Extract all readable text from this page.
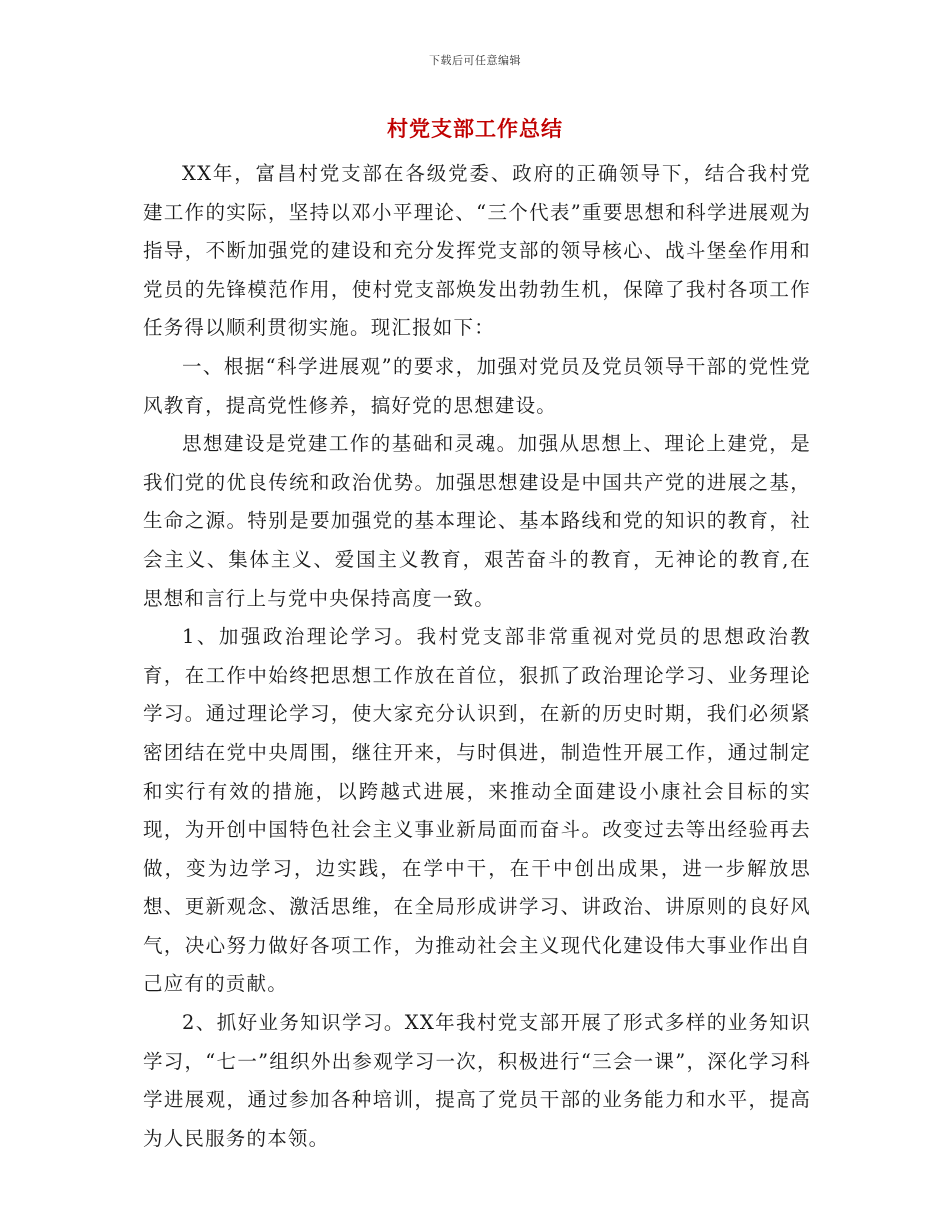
下载后可任意编辑
村党支部工作总结

XX年，富昌村党支部在各级党委、政府的正确领导下，结合我村党建工作的实际，坚持以邓小平理论、“三个代表”重要思想和科学进展观为指导，不断加强党的建设和充分发挥党支部的领导核心、战斗堡垒作用和党员的先锋模范作用，使村党支部焕发出勃勃生机，保障了我村各项工作任务得以顺利贯彻实施。现汇报如下：

一、根据“科学进展观”的要求，加强对党员及党员领导干部的党性党风教育，提高党性修养，搞好党的思想建设。

思想建设是党建工作的基础和灵魂。加强从思想上、理论上建党，是我们党的优良传统和政治优势。加强思想建设是中国共产党的进展之基，生命之源。特别是要加强党的基本理论、基本路线和党的知识的教育，社会主义、集体主义、爱国主义教育，艰苦奋斗的教育，无神论的教育,在思想和言行上与党中央保持高度一致。

1、加强政治理论学习。我村党支部非常重视对党员的思想政治教育，在工作中始终把思想工作放在首位，狠抓了政治理论学习、业务理论学习。通过理论学习，使大家充分认识到，在新的历史时期，我们必须紧密团结在党中央周围，继往开来，与时俱进，制造性开展工作，通过制定和实行有效的措施，以跨越式进展，来推动全面建设小康社会目标的实现，为开创中国特色社会主义事业新局面而奋斗。改变过去等出经验再去做，变为边学习，边实践，在学中干，在干中创出成果，进一步解放思想、更新观念、激活思维，在全局形成讲学习、讲政治、讲原则的良好风气，决心努力做好各项工作，为推动社会主义现代化建设伟大事业作出自己应有的贡献。

2、抓好业务知识学习。XX年我村党支部开展了形式多样的业务知识学习，“七一”组织外出参观学习一次，积极进行“三会一课”，深化学习科学进展观，通过参加各种培训，提高了党员干部的业务能力和水平，提高为人民服务的本领。
